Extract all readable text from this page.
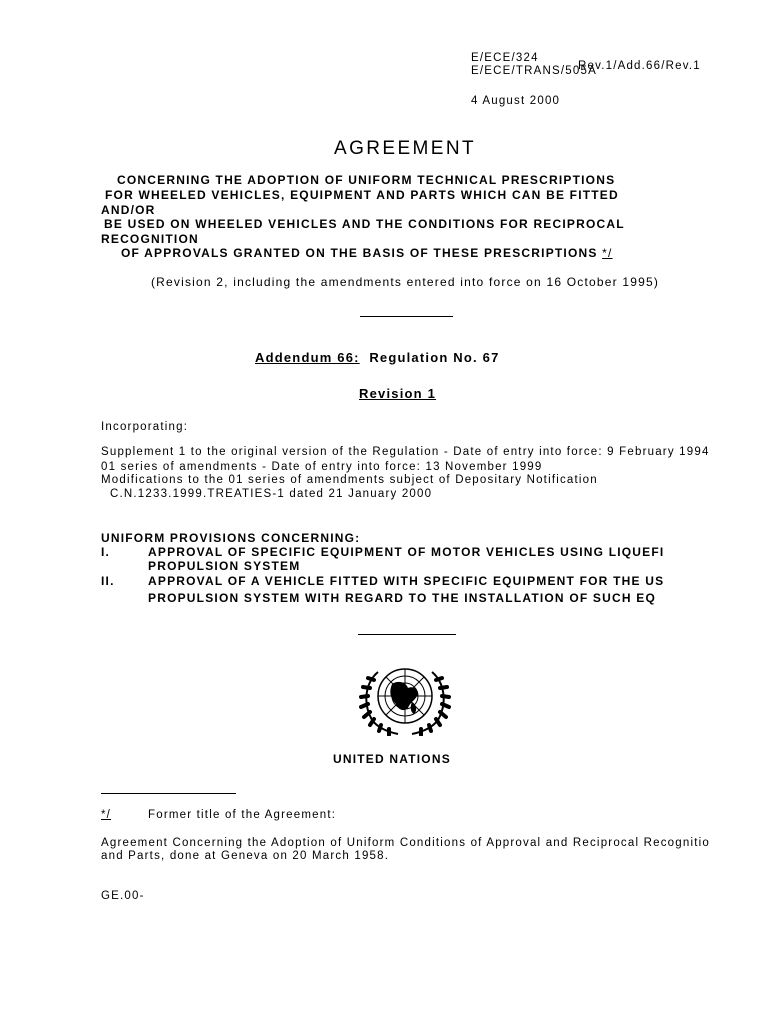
E/ECE/324
E/ECE/TRANS/505A
Rev.1/Add.66/Rev.1
4 August 2000
AGREEMENT
CONCERNING THE ADOPTION OF UNIFORM TECHNICAL PRESCRIPTIONS
FOR WHEELED VEHICLES, EQUIPMENT AND PARTS WHICH CAN BE FITTED
AND/OR
BE USED ON WHEELED VEHICLES AND THE CONDITIONS FOR RECIPROCAL
RECOGNITION
OF APPROVALS GRANTED ON THE BASIS OF THESE PRESCRIPTIONS */
(Revision 2, including the amendments entered into force on 16 October 1995)
Addendum 66: Regulation No. 67
Revision 1
Incorporating:
Supplement 1 to the original version of the Regulation - Date of entry into force: 9 February 1994
01 series of amendments - Date of entry into force: 13 November 1999
Modifications to the 01 series of amendments subject of Depositary Notification
C.N.1233.1999.TREATIES-1 dated 21 January 2000
UNIFORM PROVISIONS CONCERNING:
I.	APPROVAL OF SPECIFIC EQUIPMENT OF MOTOR VEHICLES USING LIQUEFI
PROPULSION SYSTEM
II.	APPROVAL OF A VEHICLE FITTED WITH SPECIFIC EQUIPMENT FOR THE US
PROPULSION SYSTEM WITH REGARD TO THE INSTALLATION OF SUCH EQ
UNITED NATIONS
*/	Former title of the Agreement:
Agreement Concerning the Adoption of Uniform Conditions of Approval and Reciprocal Recognitio
and Parts, done at Geneva on 20 March 1958.
GE.00-
